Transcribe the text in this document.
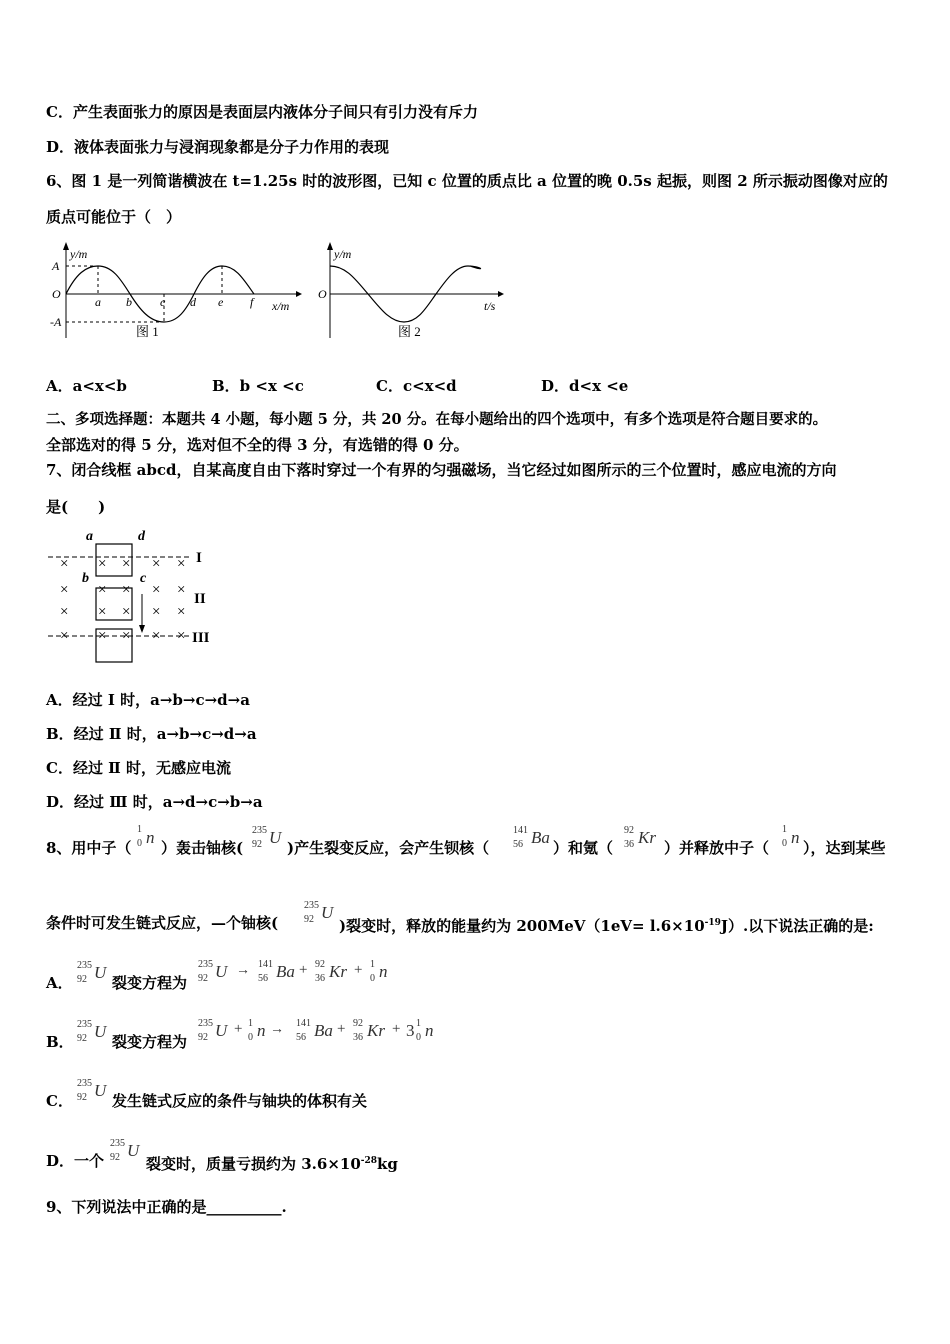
C．产生表面张力的原因是表面层内液体分子间只有引力没有斥力
D．液体表面张力与浸润现象都是分子力作用的表现
6、图 1 是一列简谐横波在 t=1.25s 时的波形图，已知 c 位置的质点比 a 位置的晚 0.5s 起振，则图 2 所示振动图像对应的
质点可能位于（　）
y/m
A
O
-A
a b c d e f x/m
图 1
y/m
O
t/s
图 2
A．a<x<b	B．b <x <c	C．c<x<d	D．d<x <e
二、多项选择题：本题共 4 小题，每小题 5 分，共 20 分。在每小题给出的四个选项中，有多个选项是符合题目要求的。
全部选对的得 5 分，选对但不全的得 3 分，有选错的得 0 分。
7、闭合线框 abcd，自某高度自由下落时穿过一个有界的匀强磁场，当它经过如图所示的三个位置时，感应电流的方向
是(　　)
× × × × ×
× × × × ×
× × × × ×
× × × × ×
a	d
b	c
I
II
III
A．经过 Ⅰ 时，a→b→c→d→a
B．经过 Ⅱ 时，a→b→c→d→a
C．经过 Ⅱ 时，无感应电流
D．经过 Ⅲ 时，a→d→c→b→a
8、用中子（
1
0 n
）轰击铀核(
235
92 U
)产生裂变反应，会产生钡核（
141
56 Ba
）和氪（
92
36 Kr
）并释放中子（
1
0 n
），达到某些
条件时可发生链式反应，—个铀核(
235
92 U
)裂变时，释放的能量约为 $200MeV(1eV= l.6\times 10^{-19}J)$.以下说法正确的是:
A．
235
92 U
裂变方程为
235
92 U → 141
56 Ba + 92
36 Kr + 1
0 n
B．
235
92 U
裂变方程为
235
92 U + 1
0 n → 141
56 Ba + 92
36 Kr + 3 1
0 n
C．
235
92 U
发生链式反应的条件与铀块的体积有关
D．一个
235
92 U
裂变时，质量亏损约为 $3.6\times 10^{-28}kg$
9、下列说法中正确的是__________.
